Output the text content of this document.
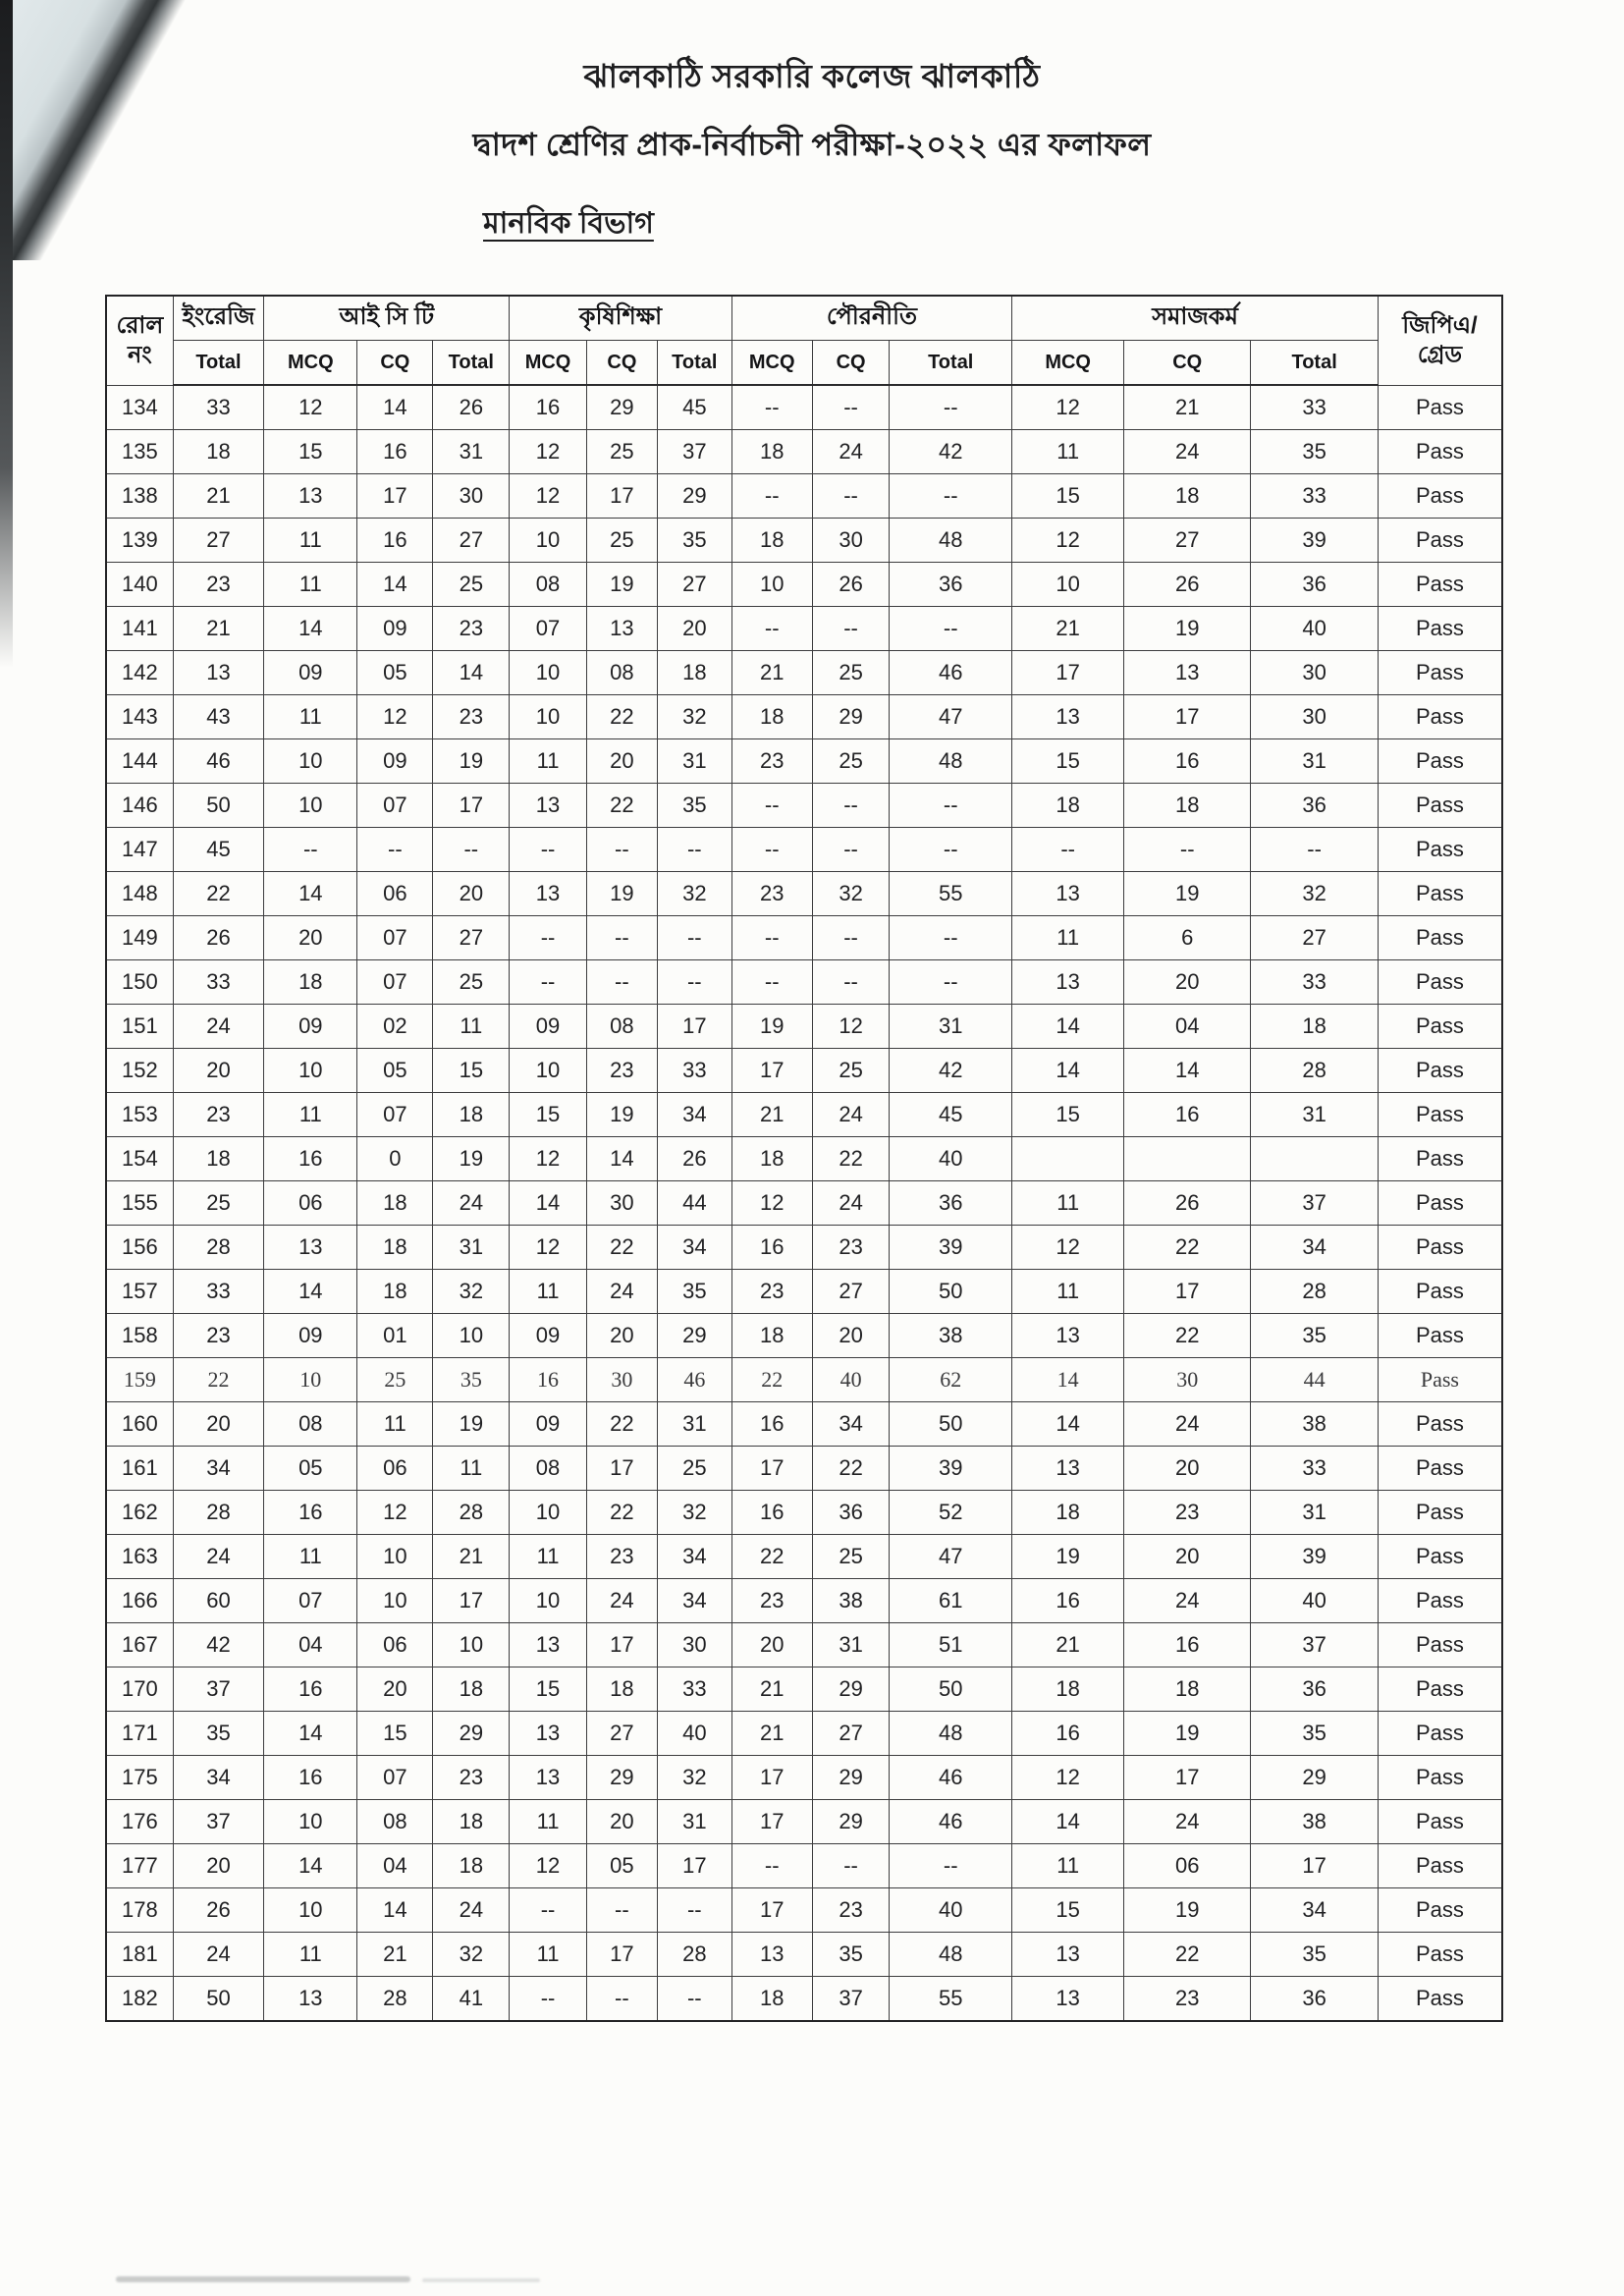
ঝালকাঠি সরকারি কলেজ ঝালকাঠি
দ্বাদশ শ্রেণির প্রাক-নির্বাচনী পরীক্ষা-২০২২ এর ফলাফল
মানবিক বিভাগ
রোল
নং	ইংরেজি	আই সি টি			কৃষিশিক্ষা			পৌরনীতি			সমাজকর্ম			জিপিএ/
গ্রেড

	Total	MCQ	CQ	Total	MCQ	CQ	Total	MCQ	CQ	Total	MCQ	CQ	Total	
134	33	12	14	26	16	29	45	--	--	--	12	21	33	Pass
135	18	15	16	31	12	25	37	18	24	42	11	24	35	Pass
138	21	13	17	30	12	17	29	--	--	--	15	18	33	Pass
139	27	11	16	27	10	25	35	18	30	48	12	27	39	Pass
140	23	11	14	25	08	19	27	10	26	36	10	26	36	Pass
141	21	14	09	23	07	13	20	--	--	--	21	19	40	Pass
142	13	09	05	14	10	08	18	21	25	46	17	13	30	Pass
143	43	11	12	23	10	22	32	18	29	47	13	17	30	Pass
144	46	10	09	19	11	20	31	23	25	48	15	16	31	Pass
146	50	10	07	17	13	22	35	--	--	--	18	18	36	Pass
147	45	--	--	--	--	--	--	--	--	--	--	--	--	Pass
148	22	14	06	20	13	19	32	23	32	55	13	19	32	Pass
149	26	20	07	27	--	--	--	--	--	--	11	6	27	Pass
150	33	18	07	25	--	--	--	--	--	--	13	20	33	Pass
151	24	09	02	11	09	08	17	19	12	31	14	04	18	Pass
152	20	10	05	15	10	23	33	17	25	42	14	14	28	Pass
153	23	11	07	18	15	19	34	21	24	45	15	16	31	Pass
154	18	16	0	19	12	14	26	18	22	40				Pass
155	25	06	18	24	14	30	44	12	24	36	11	26	37	Pass
156	28	13	18	31	12	22	34	16	23	39	12	22	34	Pass
157	33	14	18	32	11	24	35	23	27	50	11	17	28	Pass
158	23	09	01	10	09	20	29	18	20	38	13	22	35	Pass
159	22	10	25	35	16	30	46	22	40	62	14	30	44	Pass
160	20	08	11	19	09	22	31	16	34	50	14	24	38	Pass
161	34	05	06	11	08	17	25	17	22	39	13	20	33	Pass
162	28	16	12	28	10	22	32	16	36	52	18	23	31	Pass
163	24	11	10	21	11	23	34	22	25	47	19	20	39	Pass
166	60	07	10	17	10	24	34	23	38	61	16	24	40	Pass
167	42	04	06	10	13	17	30	20	31	51	21	16	37	Pass
170	37	16	20	18	15	18	33	21	29	50	18	18	36	Pass
171	35	14	15	29	13	27	40	21	27	48	16	19	35	Pass
175	34	16	07	23	13	29	32	17	29	46	12	17	29	Pass
176	37	10	08	18	11	20	31	17	29	46	14	24	38	Pass
177	20	14	04	18	12	05	17	--	--	--	11	06	17	Pass
178	26	10	14	24	--	--	--	17	23	40	15	19	34	Pass
181	24	11	21	32	11	17	28	13	35	48	13	22	35	Pass
182	50	13	28	41	--	--	--	18	37	55	13	23	36	Pass
